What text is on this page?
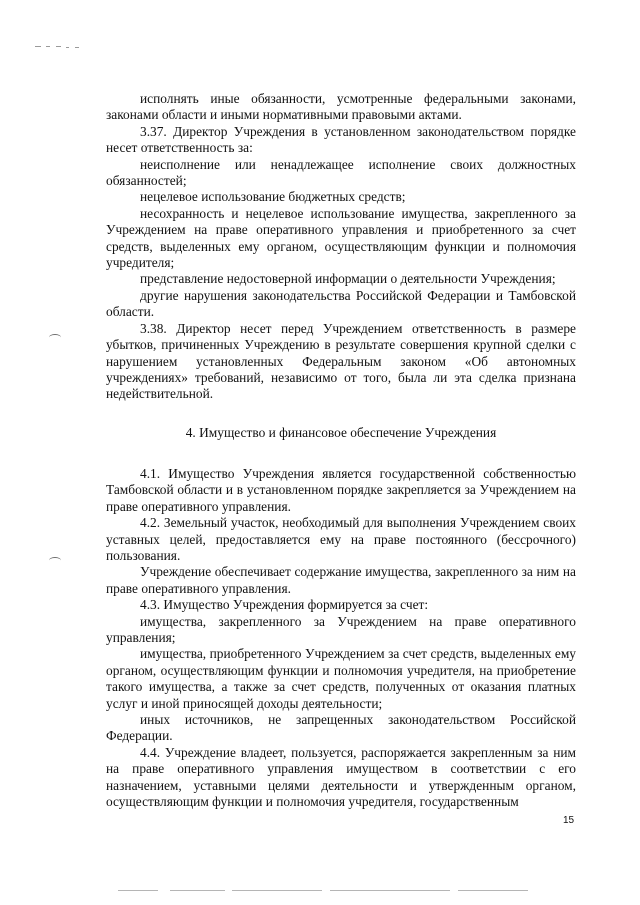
исполнять иные обязанности, усмотренные федеральными законами, законами области и иными нормативными правовыми актами.

3.37. Директор Учреждения в установленном законодательством порядке несет ответственность за:

неисполнение или ненадлежащее исполнение своих должностных обязанностей;

нецелевое использование бюджетных средств;

несохранность и нецелевое использование имущества, закрепленного за Учреждением на праве оперативного управления и приобретенного за счет средств, выделенных ему органом, осуществляющим функции и полномочия учредителя;

представление недостоверной информации о деятельности Учреждения;

другие нарушения законодательства Российской Федерации и Тамбовской области.

3.38. Директор несет перед Учреждением ответственность в размере убытков, причиненных Учреждению в результате совершения крупной сделки с нарушением установленных Федеральным законом «Об автономных учреждениях» требований, независимо от того, была ли эта сделка признана недействительной.

4. Имущество и финансовое обеспечение Учреждения

4.1. Имущество Учреждения является государственной собственностью Тамбовской области и в установленном порядке закрепляется за Учреждением на праве оперативного управления.

4.2. Земельный участок, необходимый для выполнения Учреждением своих уставных целей, предоставляется ему на праве постоянного (бессрочного) пользования.

Учреждение обеспечивает содержание имущества, закрепленного за ним на праве оперативного управления.

4.3. Имущество Учреждения формируется за счет:

имущества, закрепленного за Учреждением на праве оперативного управления;

имущества, приобретенного Учреждением за счет средств, выделенных ему органом, осуществляющим функции и полномочия учредителя, на приобретение такого имущества, а также за счет средств, полученных от оказания платных услуг и иной приносящей доходы деятельности;

иных источников, не запрещенных законодательством Российской Федерации.

4.4. Учреждение владеет, пользуется, распоряжается закрепленным за ним на праве оперативного управления имуществом в соответствии с его назначением, уставными целями деятельности и утвержденным органом, осуществляющим функции и полномочия учредителя, государственным

15
